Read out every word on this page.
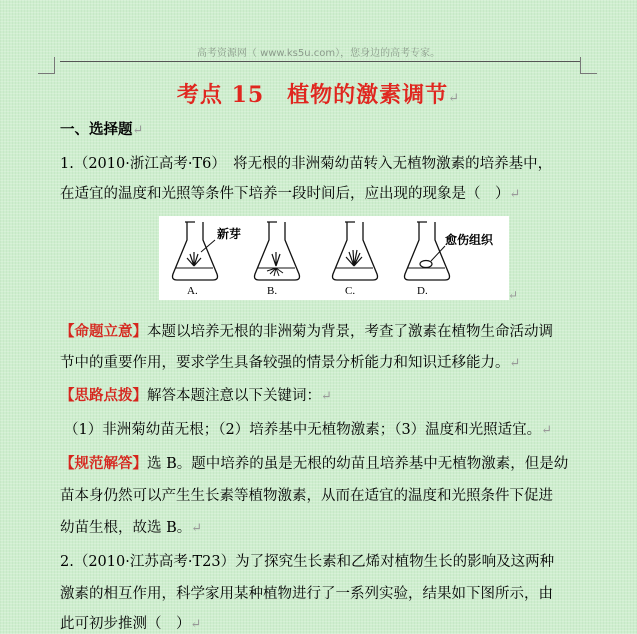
高考资源网（ www.ks5u.com），您身边的高考专家。
考点 15　植物的激素调节↵
一、选择题↵
1.（2010·浙江高考·T6）　将无根的非洲菊幼苗转入无植物激素的培养基中，
在适宜的温度和光照等条件下培养一段时间后，应出现的现象是（　）↵
新芽
A.	B.	C.
愈伤组织
D.	↵
【命题立意】本题以培养无根的非洲菊为背景，考查了激素在植物生命活动调
节中的重要作用，要求学生具备较强的情景分析能力和知识迁移能力。↵
【思路点拨】解答本题注意以下关键词：↵
（1）非洲菊幼苗无根；（2）培养基中无植物激素；（3）温度和光照适宜。↵
【规范解答】选 B。题中培养的虽是无根的幼苗且培养基中无植物激素，但是幼
苗本身仍然可以产生生长素等植物激素，从而在适宜的温度和光照条件下促进
幼苗生根，故选 B。↵
2.（2010·江苏高考·T23）为了探究生长素和乙烯对植物生长的影响及这两种
激素的相互作用，科学家用某种植物进行了一系列实验，结果如下图所示，由
此可初步推测（　）↵
